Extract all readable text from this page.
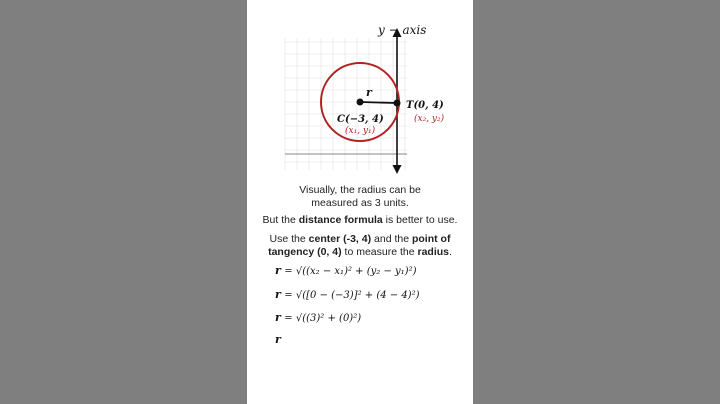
y − axis
r
C(−3, 4)
(x₁, y₁)
T(0, 4)
(x₂, y₂)
Visually, the radius can be
measured as 3 units.
But the distance formula is better to use.
Use the center (-3, 4) and the point of
tangency (0, 4) to measure the radius.
r = √((x₂ − x₁)² + (y₂ − y₁)²)
r = √([0 − (−3)]² + (4 − 4)²)
r = √((3)² + (0)²)
r
